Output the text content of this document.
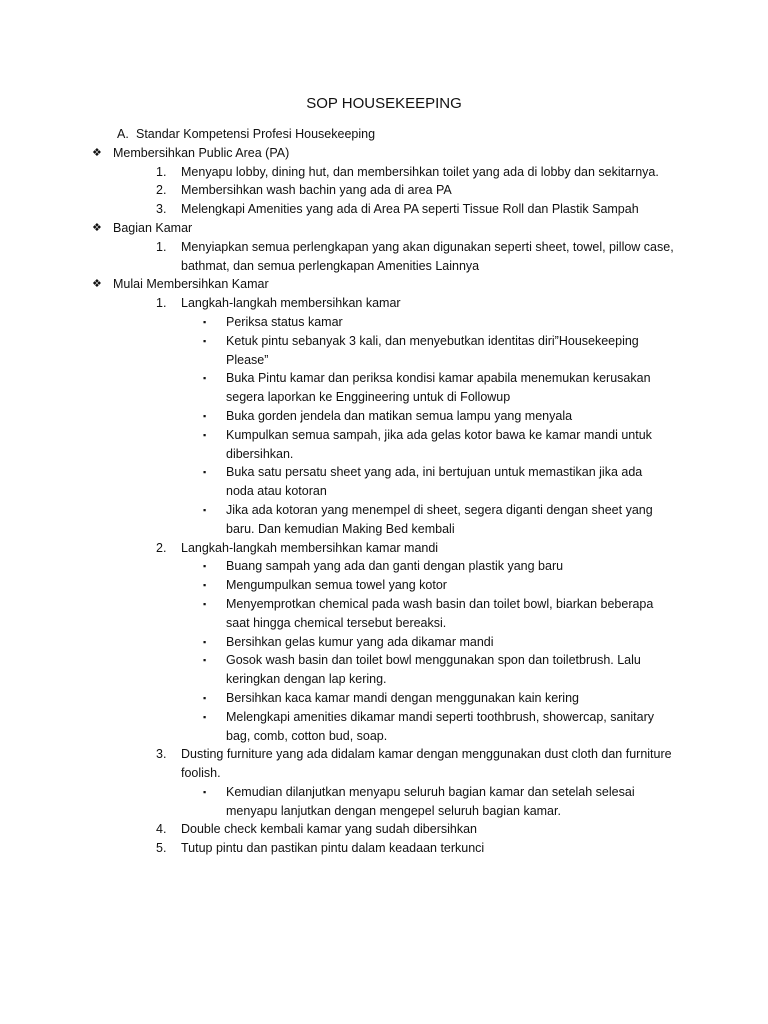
SOP HOUSEKEEPING
A. Standar Kompetensi Profesi Housekeeping
❖ Membersihkan Public Area (PA)
1.	Menyapu lobby, dining hut, dan membersihkan toilet yang ada di lobby dan sekitarnya.
2.	Membersihkan wash bachin yang ada di area PA
3.	Melengkapi Amenities yang ada di Area PA seperti Tissue Roll dan Plastik Sampah
❖ Bagian Kamar
1.	Menyiapkan semua perlengkapan yang akan digunakan seperti sheet, towel, pillow case, bathmat, dan semua perlengkapan Amenities Lainnya
❖ Mulai Membersihkan Kamar
1.	Langkah-langkah membersihkan kamar
▪ Periksa status kamar
▪ Ketuk pintu sebanyak 3 kali, dan menyebutkan identitas diri”Housekeeping Please”
▪ Buka Pintu kamar dan periksa kondisi kamar apabila menemukan kerusakan segera laporkan ke Enggineering untuk di Followup
▪ Buka gorden jendela dan matikan semua lampu yang menyala
▪ Kumpulkan semua sampah, jika ada gelas kotor bawa ke kamar mandi untuk dibersihkan.
▪ Buka satu persatu sheet yang ada, ini bertujuan untuk memastikan jika ada noda atau kotoran
▪ Jika ada kotoran yang menempel di sheet, segera diganti dengan sheet yang baru. Dan kemudian Making Bed kembali
2.	Langkah-langkah membersihkan kamar mandi
▪ Buang sampah yang ada dan ganti dengan plastik yang baru
▪ Mengumpulkan semua towel yang kotor
▪ Menyemprotkan chemical pada wash basin dan toilet bowl, biarkan beberapa saat hingga chemical tersebut bereaksi.
▪ Bersihkan gelas kumur yang ada dikamar mandi
▪ Gosok wash basin dan toilet bowl menggunakan spon dan toiletbrush. Lalu keringkan dengan lap kering.
▪ Bersihkan kaca kamar mandi dengan menggunakan kain kering
▪ Melengkapi amenities dikamar mandi seperti toothbrush, showercap, sanitary bag, comb, cotton bud, soap.
3.	Dusting furniture yang ada didalam kamar dengan menggunakan dust cloth dan furniture foolish.
▪ Kemudian dilanjutkan menyapu seluruh bagian kamar dan setelah selesai menyapu lanjutkan dengan mengepel seluruh bagian kamar.
4.	Double check kembali kamar yang sudah dibersihkan
5.	Tutup pintu dan pastikan pintu dalam keadaan terkunci
